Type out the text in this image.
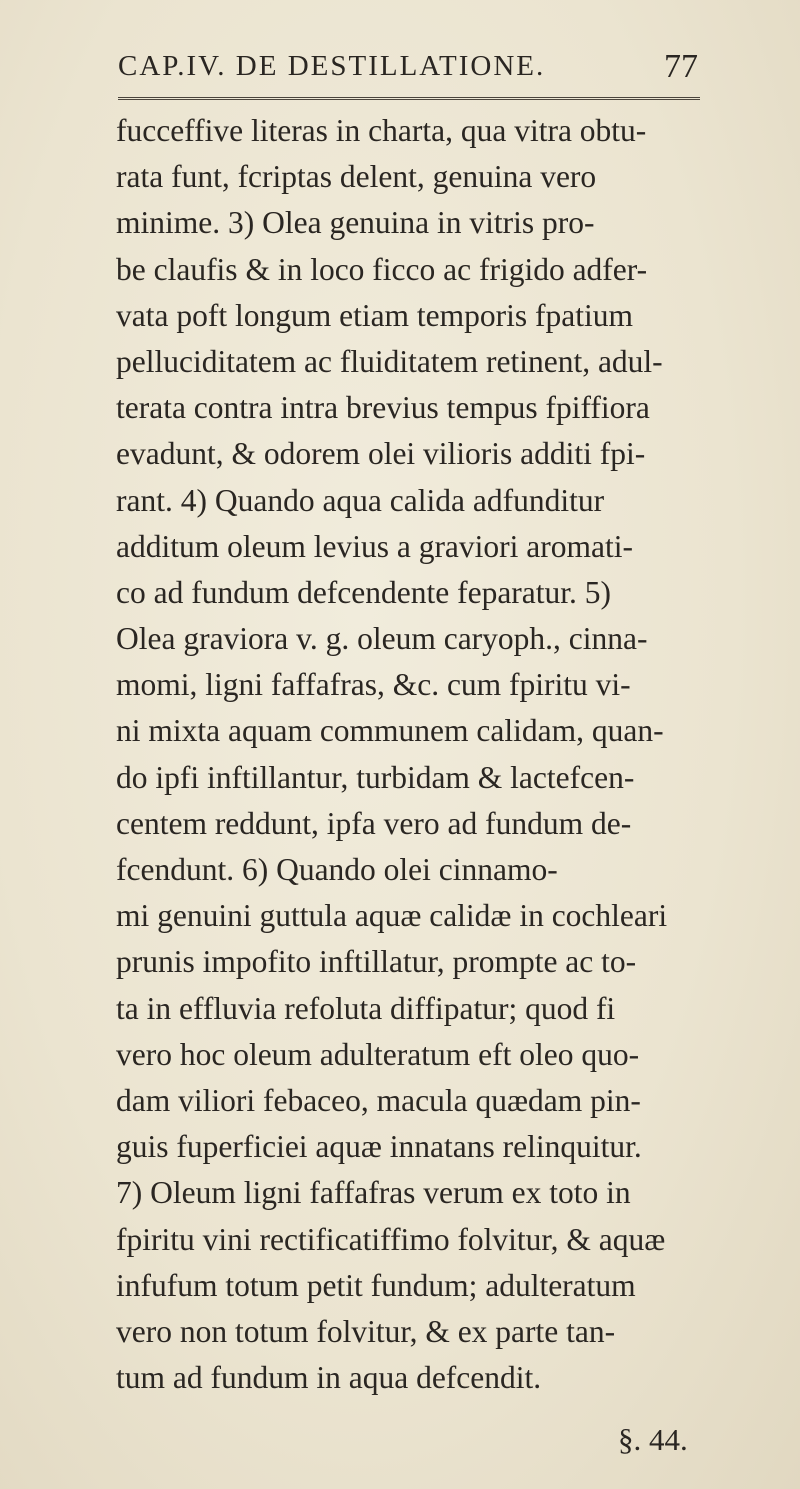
CAP.IV. DE DESTILLATIONE.	77
fucceffive literas in charta, qua vitra obtu-
rata funt, fcriptas delent, genuina vero
minime. 3) Olea genuina in vitris pro-
be claufis & in loco ficco ac frigido adfer-
vata poft longum etiam temporis fpatium
pelluciditatem ac fluiditatem retinent, adul-
terata contra intra brevius tempus fpiffiora
evadunt, & odorem olei vilioris additi fpi-
rant. 4) Quando aqua calida adfunditur
additum oleum levius a graviori aromati-
co ad fundum defcendente feparatur. 5)
Olea graviora v. g. oleum caryoph., cinna-
momi, ligni faffafras, &c. cum fpiritu vi-
ni mixta aquam communem calidam, quan-
do ipfi inftillantur, turbidam & lactefcen-
centem reddunt, ipfa vero ad fundum de-
fcendunt. 6) Quando olei cinnamo-
mi genuini guttula aquæ calidæ in cochleari
prunis impofito inftillatur, prompte ac to-
ta in effluvia refoluta diffipatur; quod fi
vero hoc oleum adulteratum eft oleo quo-
dam viliori febaceo, macula quædam pin-
guis fuperficiei aquæ innatans relinquitur.
7) Oleum ligni faffafras verum ex toto in
fpiritu vini rectificatiffimo folvitur, & aquæ
infufum totum petit fundum; adulteratum
vero non totum folvitur, & ex parte tan-
tum ad fundum in aqua defcendit.
§. 44.
